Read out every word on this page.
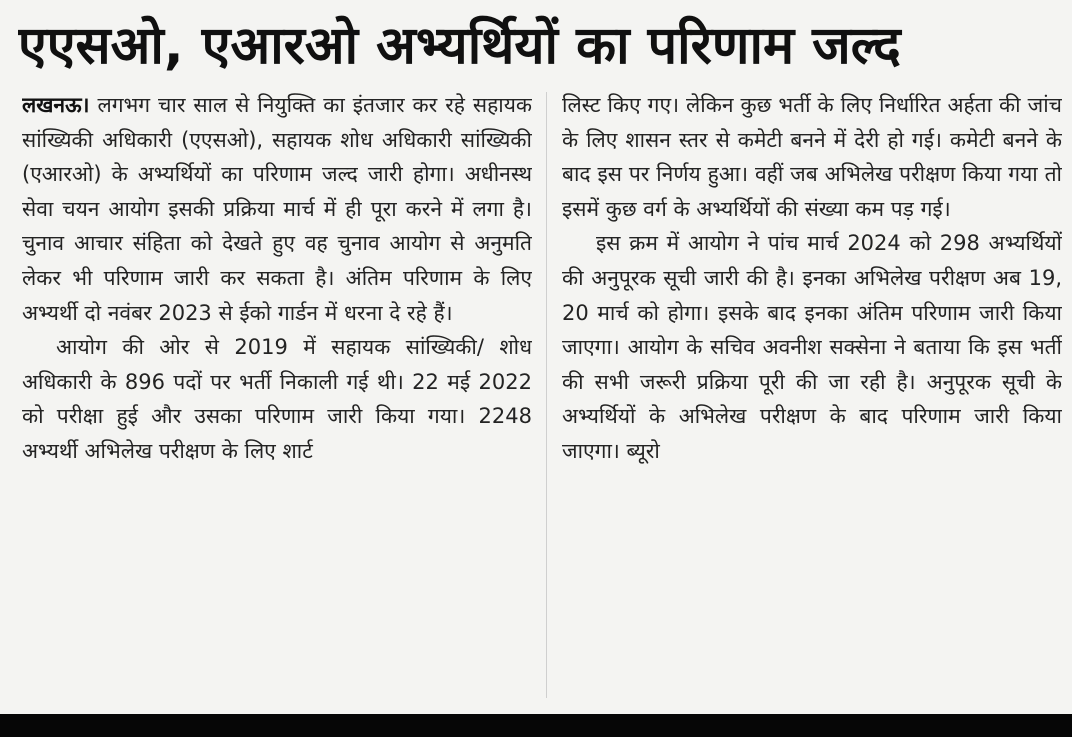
एएसओ, एआरओ अभ्यर्थियों का परिणाम जल्द

लखनऊ। लगभग चार साल से नियुक्ति का इंतजार कर रहे सहायक सांख्यिकी अधिकारी (एएसओ), सहायक शोध अधिकारी सांख्यिकी (एआरओ) के अभ्यर्थियों का परिणाम जल्द जारी होगा। अधीनस्थ सेवा चयन आयोग इसकी प्रक्रिया मार्च में ही पूरा करने में लगा है। चुनाव आचार संहिता को देखते हुए वह चुनाव आयोग से अनुमति लेकर भी परिणाम जारी कर सकता है। अंतिम परिणाम के लिए अभ्यर्थी दो नवंबर 2023 से ईको गार्डन में धरना दे रहे हैं।

आयोग की ओर से 2019 में सहायक सांख्यिकी/ शोध अधिकारी के 896 पदों पर भर्ती निकाली गई थी। 22 मई 2022 को परीक्षा हुई और उसका परिणाम जारी किया गया। 2248 अभ्यर्थी अभिलेख परीक्षण के लिए शार्ट

लिस्ट किए गए। लेकिन कुछ भर्ती के लिए निर्धारित अर्हता की जांच के लिए शासन स्तर से कमेटी बनने में देरी हो गई। कमेटी बनने के बाद इस पर निर्णय हुआ। वहीं जब अभिलेख परीक्षण किया गया तो इसमें कुछ वर्ग के अभ्यर्थियों की संख्या कम पड़ गई।

इस क्रम में आयोग ने पांच मार्च 2024 को 298 अभ्यर्थियों की अनुपूरक सूची जारी की है। इनका अभिलेख परीक्षण अब 19, 20 मार्च को होगा। इसके बाद इनका अंतिम परिणाम जारी किया जाएगा। आयोग के सचिव अवनीश सक्सेना ने बताया कि इस भर्ती की सभी जरूरी प्रक्रिया पूरी की जा रही है। अनुपूरक सूची के अभ्यर्थियों के अभिलेख परीक्षण के बाद परिणाम जारी किया जाएगा। ब्यूरो
